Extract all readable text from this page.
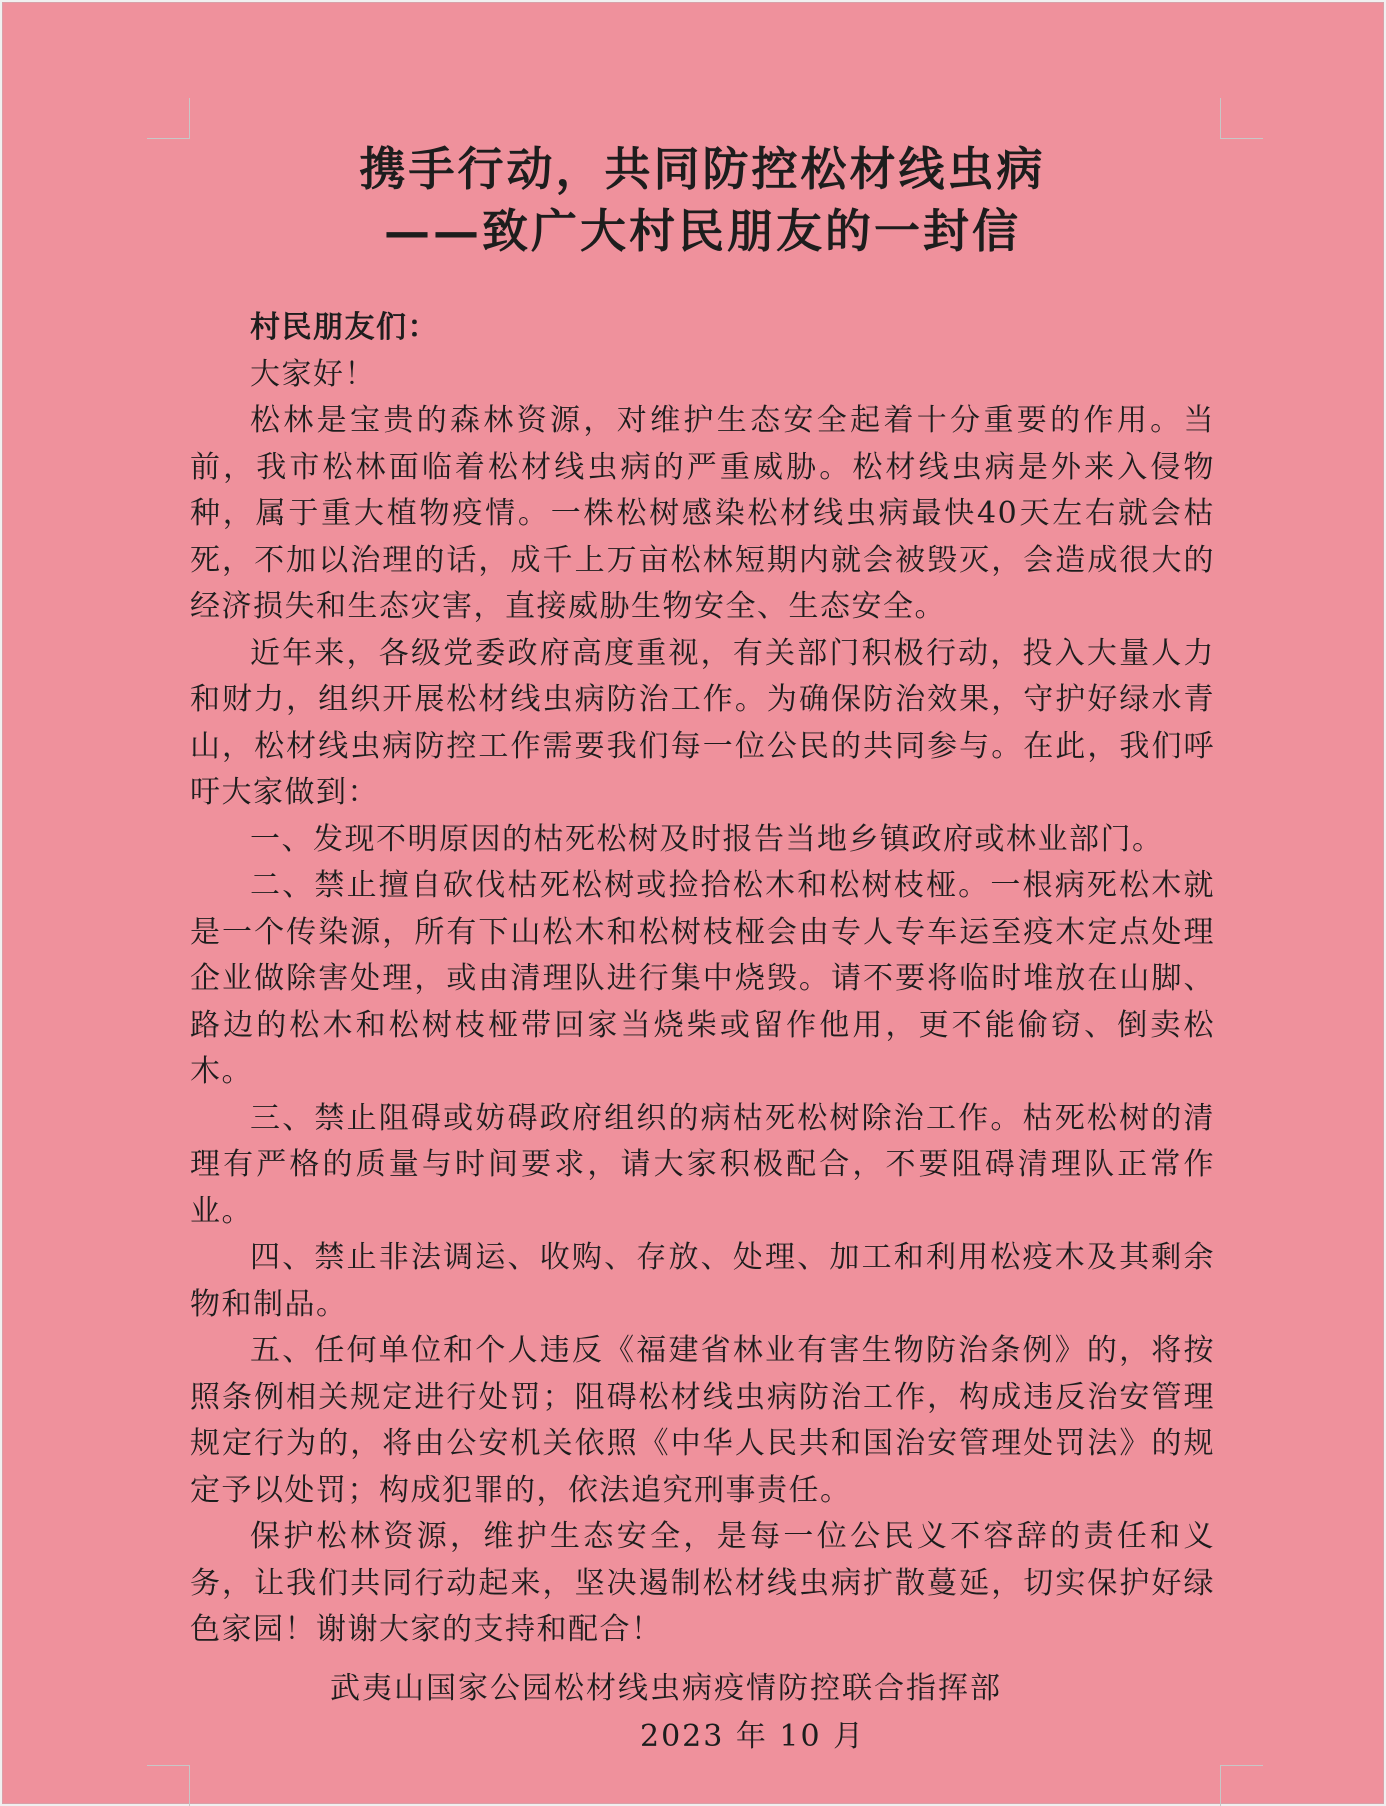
携手行动，共同防控松材线虫病
——致广大村民朋友的一封信

村民朋友们：

大家好！

松林是宝贵的森林资源，对维护生态安全起着十分重要的作用。当前，我市松林面临着松材线虫病的严重威胁。松材线虫病是外来入侵物种，属于重大植物疫情。一株松树感染松材线虫病最快40天左右就会枯死，不加以治理的话，成千上万亩松林短期内就会被毁灭，会造成很大的经济损失和生态灾害，直接威胁生物安全、生态安全。

近年来，各级党委政府高度重视，有关部门积极行动，投入大量人力和财力，组织开展松材线虫病防治工作。为确保防治效果，守护好绿水青山，松材线虫病防控工作需要我们每一位公民的共同参与。在此，我们呼吁大家做到：

一、发现不明原因的枯死松树及时报告当地乡镇政府或林业部门。

二、禁止擅自砍伐枯死松树或捡拾松木和松树枝桠。一根病死松木就是一个传染源，所有下山松木和松树枝桠会由专人专车运至疫木定点处理企业做除害处理，或由清理队进行集中烧毁。请不要将临时堆放在山脚、路边的松木和松树枝桠带回家当烧柴或留作他用，更不能偷窃、倒卖松木。

三、禁止阻碍或妨碍政府组织的病枯死松树除治工作。枯死松树的清理有严格的质量与时间要求，请大家积极配合，不要阻碍清理队正常作业。

四、禁止非法调运、收购、存放、处理、加工和利用松疫木及其剩余物和制品。

五、任何单位和个人违反《福建省林业有害生物防治条例》的，将按照条例相关规定进行处罚；阻碍松材线虫病防治工作，构成违反治安管理规定行为的，将由公安机关依照《中华人民共和国治安管理处罚法》的规定予以处罚；构成犯罪的，依法追究刑事责任。

保护松林资源，维护生态安全，是每一位公民义不容辞的责任和义务，让我们共同行动起来，坚决遏制松材线虫病扩散蔓延，切实保护好绿色家园！谢谢大家的支持和配合！

武夷山国家公园松材线虫病疫情防控联合指挥部
2023 年 10 月
